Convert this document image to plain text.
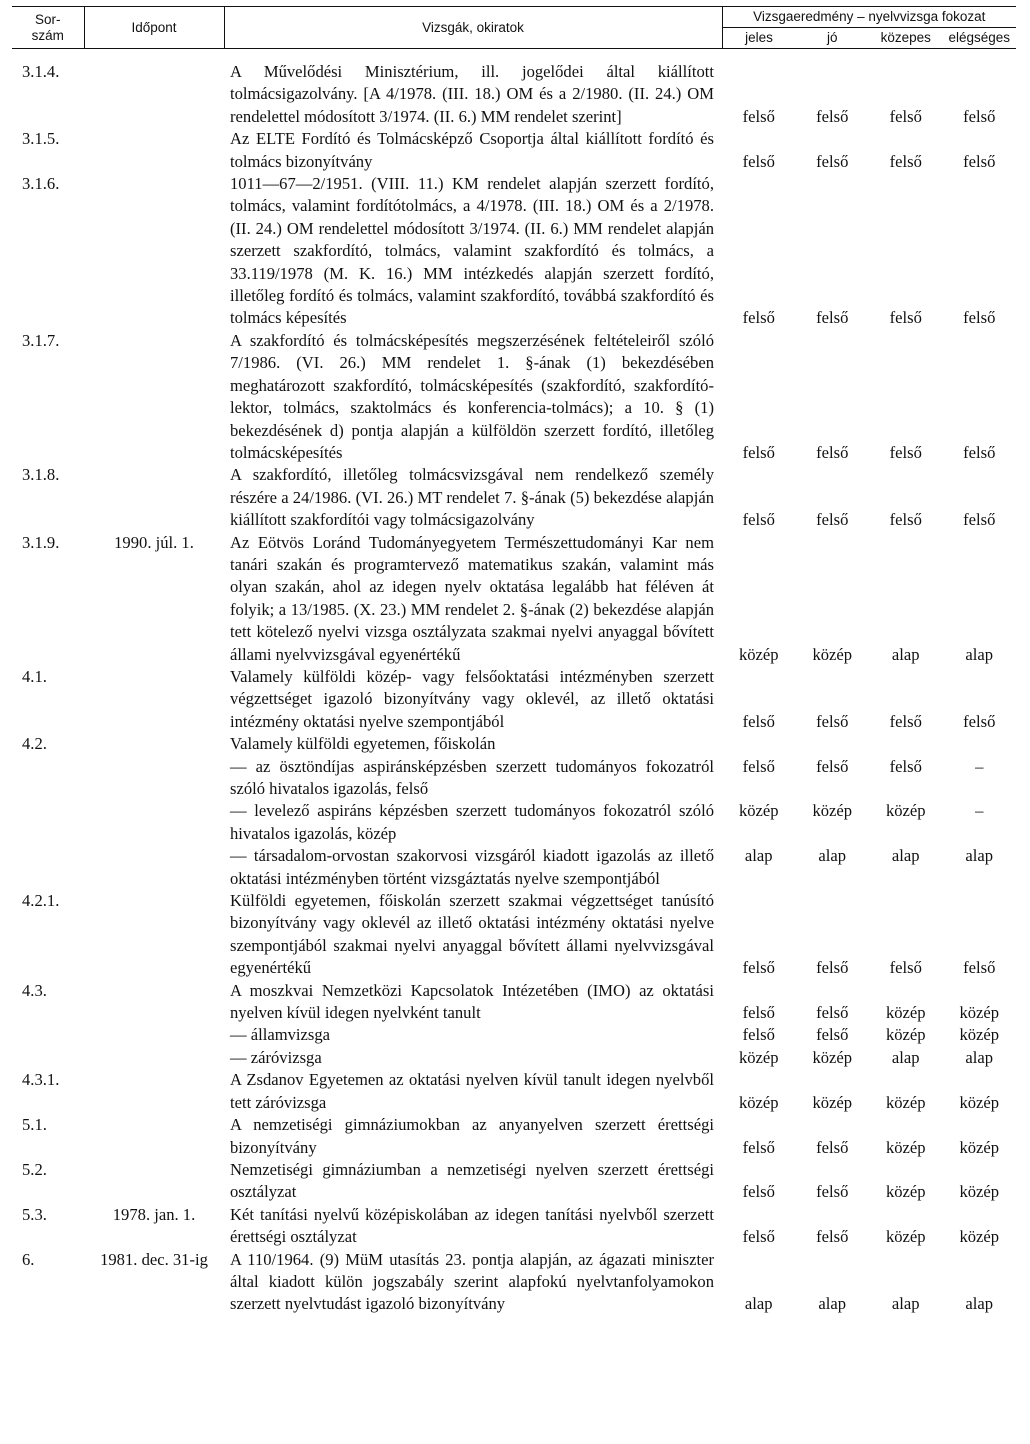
Sor-
szám	Időpont	Vizsgák, okiratok	Vizsgaeredmény – nyelvvizsga fokozat			
			jeles	jó	közepes	elégséges

3.1.4.		A Művelődési Minisztérium, ill. jogelődei által kiállított tolmácsigazolvány. [A 4/1978. (III. 18.) OM és a 2/1980. (II. 24.) OM rendelettel módosított 3/1974. (II. 6.) MM rendelet szerint]	felső	felső	felső	felső
3.1.5.		Az ELTE Fordító és Tolmácsképző Csoportja által kiállított fordító és tolmács bizonyítvány	felső	felső	felső	felső
3.1.6.		1011—67—2/1951. (VIII. 11.) KM rendelet alapján szerzett fordító, tolmács, valamint fordítótolmács, a 4/1978. (III. 18.) OM és a 2/1978. (II. 24.) OM rendelettel módosított 3/1974. (II. 6.) MM rendelet alapján szerzett szakfordító, tolmács, valamint szakfordító és tolmács, a 33.119/1978 (M. K. 16.) MM intézkedés alapján szerzett fordító, illetőleg fordító és tolmács, valamint szakfordító, továbbá szakfordító és tolmács képesítés	felső	felső	felső	felső
3.1.7.		A szakfordító és tolmácsképesítés megszerzésének feltételeiről szóló 7/1986. (VI. 26.) MM rendelet 1. §-ának (1) bekezdésében meghatározott szakfordító, tolmácsképesítés (szakfordító, szakfordító-lektor, tolmács, szaktolmács és konferencia-tolmács); a 10. § (1) bekezdésének d) pontja alapján a külföldön szerzett fordító, illetőleg tolmácsképesítés	felső	felső	felső	felső
3.1.8.		A szakfordító, illetőleg tolmácsvizsgával nem rendelkező személy részére a 24/1986. (VI. 26.) MT rendelet 7. §-ának (5) bekezdése alapján kiállított szakfordítói vagy tolmácsigazolvány	felső	felső	felső	felső
3.1.9.	1990. júl. 1.	Az Eötvös Loránd Tudományegyetem Természettudományi Kar nem tanári szakán és programtervező matematikus szakán, valamint más olyan szakán, ahol az idegen nyelv oktatása legalább hat féléven át folyik; a 13/1985. (X. 23.) MM rendelet 2. §-ának (2) bekezdése alapján tett kötelező nyelvi vizsga osztályzata szakmai nyelvi anyaggal bővített állami nyelvvizsgával egyenértékű	közép	közép	alap	alap
4.1.		Valamely külföldi közép- vagy felsőoktatási intézményben szerzett végzettséget igazoló bizonyítvány vagy oklevél, az illető oktatási intézmény oktatási nyelve szempontjából	felső	felső	felső	felső
4.2.		Valamely külföldi egyetemen, főiskolán				
		— az ösztöndíjas aspiránsképzésben szerzett tudományos fokozatról szóló hivatalos igazolás, felső	felső	felső	felső	–
		— levelező aspiráns képzésben szerzett tudományos fokozatról szóló hivatalos igazolás, közép	közép	közép	közép	–
		— társadalom-orvostan szakorvosi vizsgáról kiadott igazolás az illető oktatási intézményben történt vizsgáztatás nyelve szempontjából	alap	alap	alap	alap
4.2.1.		Külföldi egyetemen, főiskolán szerzett szakmai végzettséget tanúsító bizonyítvány vagy oklevél az illető oktatási intézmény oktatási nyelve szempontjából szakmai nyelvi anyaggal bővített állami nyelvvizsgával egyenértékű	felső	felső	felső	felső
4.3.		A moszkvai Nemzetközi Kapcsolatok Intézetében (IMO) az oktatási nyelven kívül idegen nyelvként tanult	felső	felső	közép	közép
		— államvizsga	felső	felső	közép	közép
		— záróvizsga	közép	közép	alap	alap
4.3.1.		A Zsdanov Egyetemen az oktatási nyelven kívül tanult idegen nyelvből tett záróvizsga	közép	közép	közép	közép
5.1.		A nemzetiségi gimnáziumokban az anyanyelven szerzett érettségi bizonyítvány	felső	felső	közép	közép
5.2.		Nemzetiségi gimnáziumban a nemzetiségi nyelven szerzett érettségi osztályzat	felső	felső	közép	közép
5.3.	1978. jan. 1.	Két tanítási nyelvű középiskolában az idegen tanítási nyelvből szerzett érettségi osztályzat	felső	felső	közép	közép
6.	1981. dec. 31-ig	A 110/1964. (9) MüM utasítás 23. pontja alapján, az ágazati miniszter által kiadott külön jogszabály szerint alapfokú nyelvtanfolyamokon szerzett nyelvtudást igazoló bizonyítvány	alap	alap	alap	alap
